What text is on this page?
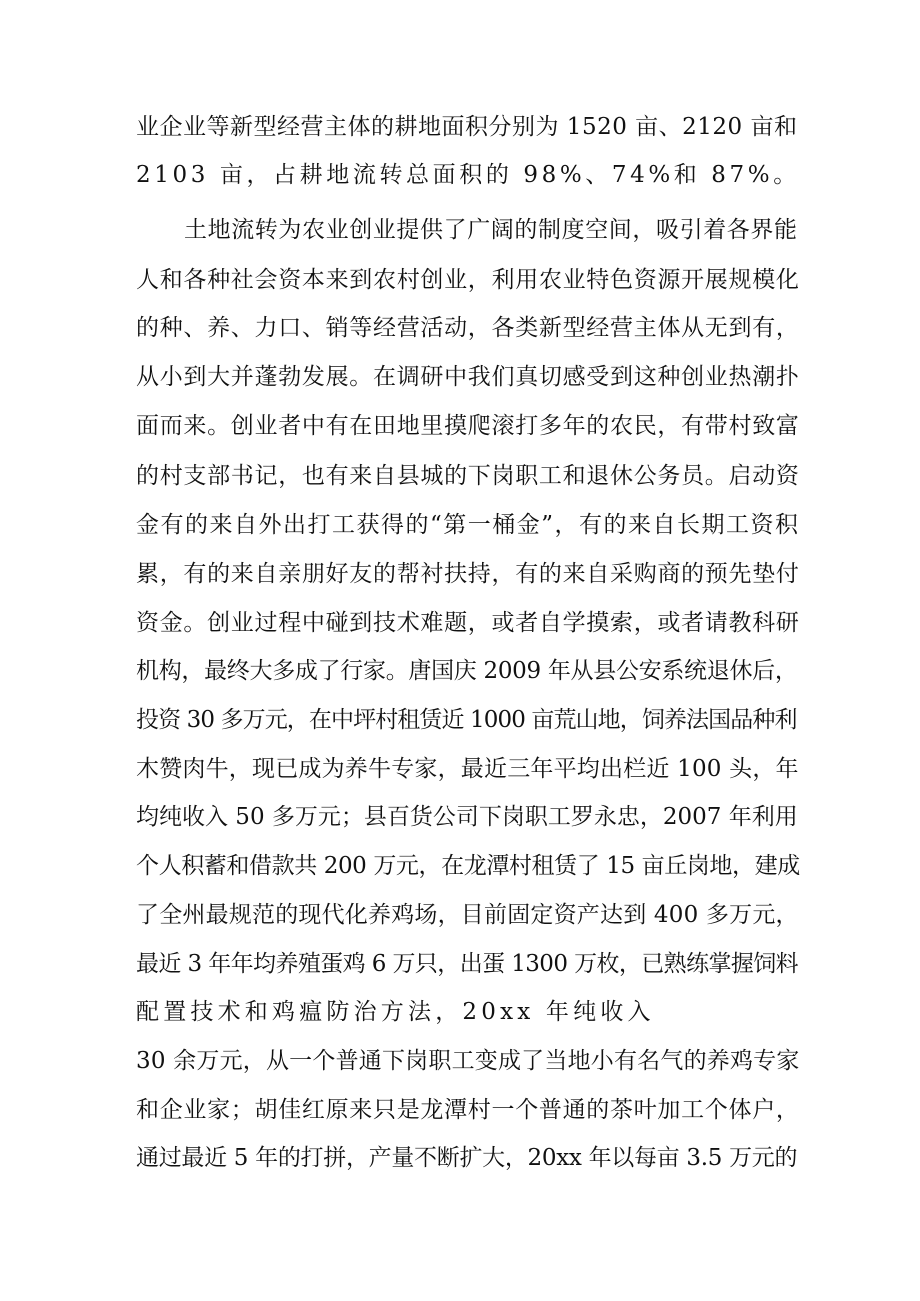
业企业等新型经营主体的耕地面积分别为 1520 亩、2120 亩和
2103 亩，占耕地流转总面积的 98%、74%和 87%。
土地流转为农业创业提供了广阔的制度空间，吸引着各界能
人和各种社会资本来到农村创业，利用农业特色资源开展规模化
的种、养、力口、销等经营活动，各类新型经营主体从无到有，
从小到大并蓬勃发展。在调研中我们真切感受到这种创业热潮扑
面而来。创业者中有在田地里摸爬滚打多年的农民，有带村致富
的村支部书记，也有来自县城的下岗职工和退休公务员。启动资
金有的来自外出打工获得的“第一桶金”，有的来自长期工资积
累，有的来自亲朋好友的帮衬扶持，有的来自采购商的预先垫付
资金。创业过程中碰到技术难题，或者自学摸索，或者请教科研
机构，最终大多成了行家。唐国庆 2009 年从县公安系统退休后，
投资 30 多万元，在中坪村租赁近 1000 亩荒山地，饲养法国品种利
木赞肉牛，现已成为养牛专家，最近三年平均出栏近 100 头，年
均纯收入 50 多万元；县百货公司下岗职工罗永忠，2007 年利用
个人积蓄和借款共 200 万元，在龙潭村租赁了 15 亩丘岗地，建成
了全州最规范的现代化养鸡场，目前固定资产达到 400 多万元，
最近 3 年年均养殖蛋鸡 6 万只，出蛋 1300 万枚，已熟练掌握饲料
配置技术和鸡瘟防治方法，20xx 年纯收入
30 余万元，从一个普通下岗职工变成了当地小有名气的养鸡专家
和企业家；胡佳红原来只是龙潭村一个普通的茶叶加工个体户，
通过最近 5 年的打拼，产量不断扩大，20xx 年以每亩 3.5 万元的
